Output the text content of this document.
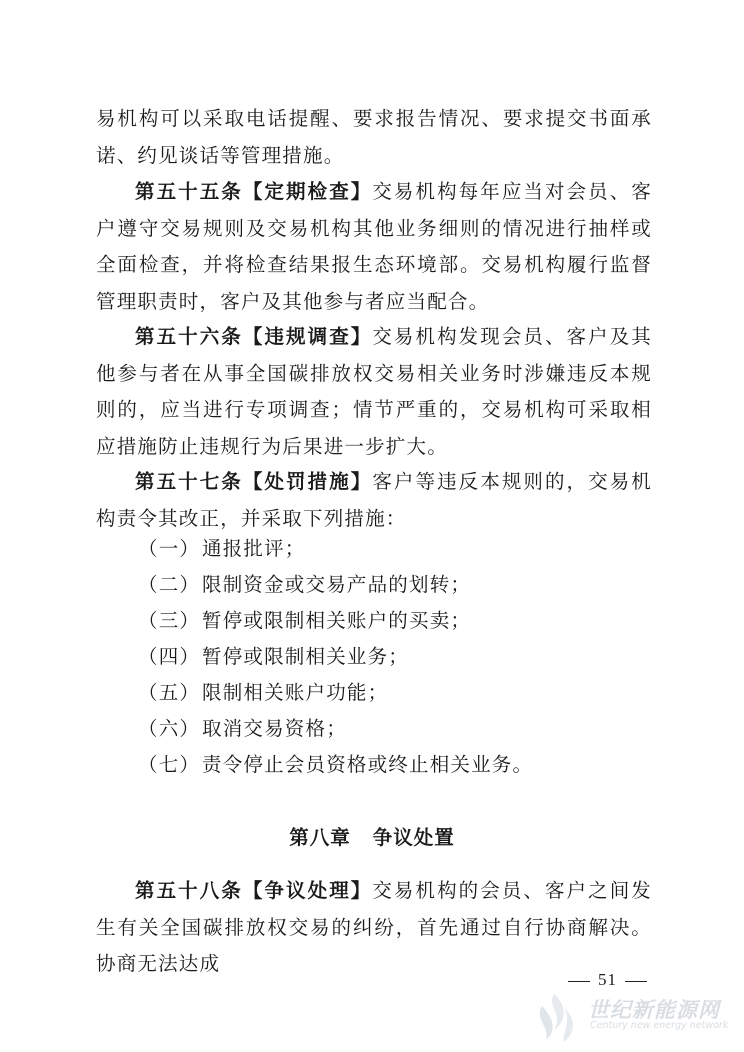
易机构可以采取电话提醒、要求报告情况、要求提交书面承诺、约见谈话等管理措施。

第五十五条【定期检查】交易机构每年应当对会员、客户遵守交易规则及交易机构其他业务细则的情况进行抽样或全面检查，并将检查结果报生态环境部。交易机构履行监督管理职责时，客户及其他参与者应当配合。

第五十六条【违规调查】交易机构发现会员、客户及其他参与者在从事全国碳排放权交易相关业务时涉嫌违反本规则的，应当进行专项调查；情节严重的，交易机构可采取相应措施防止违规行为后果进一步扩大。

第五十七条【处罚措施】客户等违反本规则的，交易机构责令其改正，并采取下列措施：

（一）通报批评；
（二）限制资金或交易产品的划转；
（三）暂停或限制相关账户的买卖；
（四）暂停或限制相关业务；
（五）限制相关账户功能；
（六）取消交易资格；
（七）责令停止会员资格或终止相关业务。
第八章 争议处置

第五十八条【争议处理】交易机构的会员、客户之间发生有关全国碳排放权交易的纠纷，首先通过自行协商解决。协商无法达成

51
世纪新能源网
Century new energy network
